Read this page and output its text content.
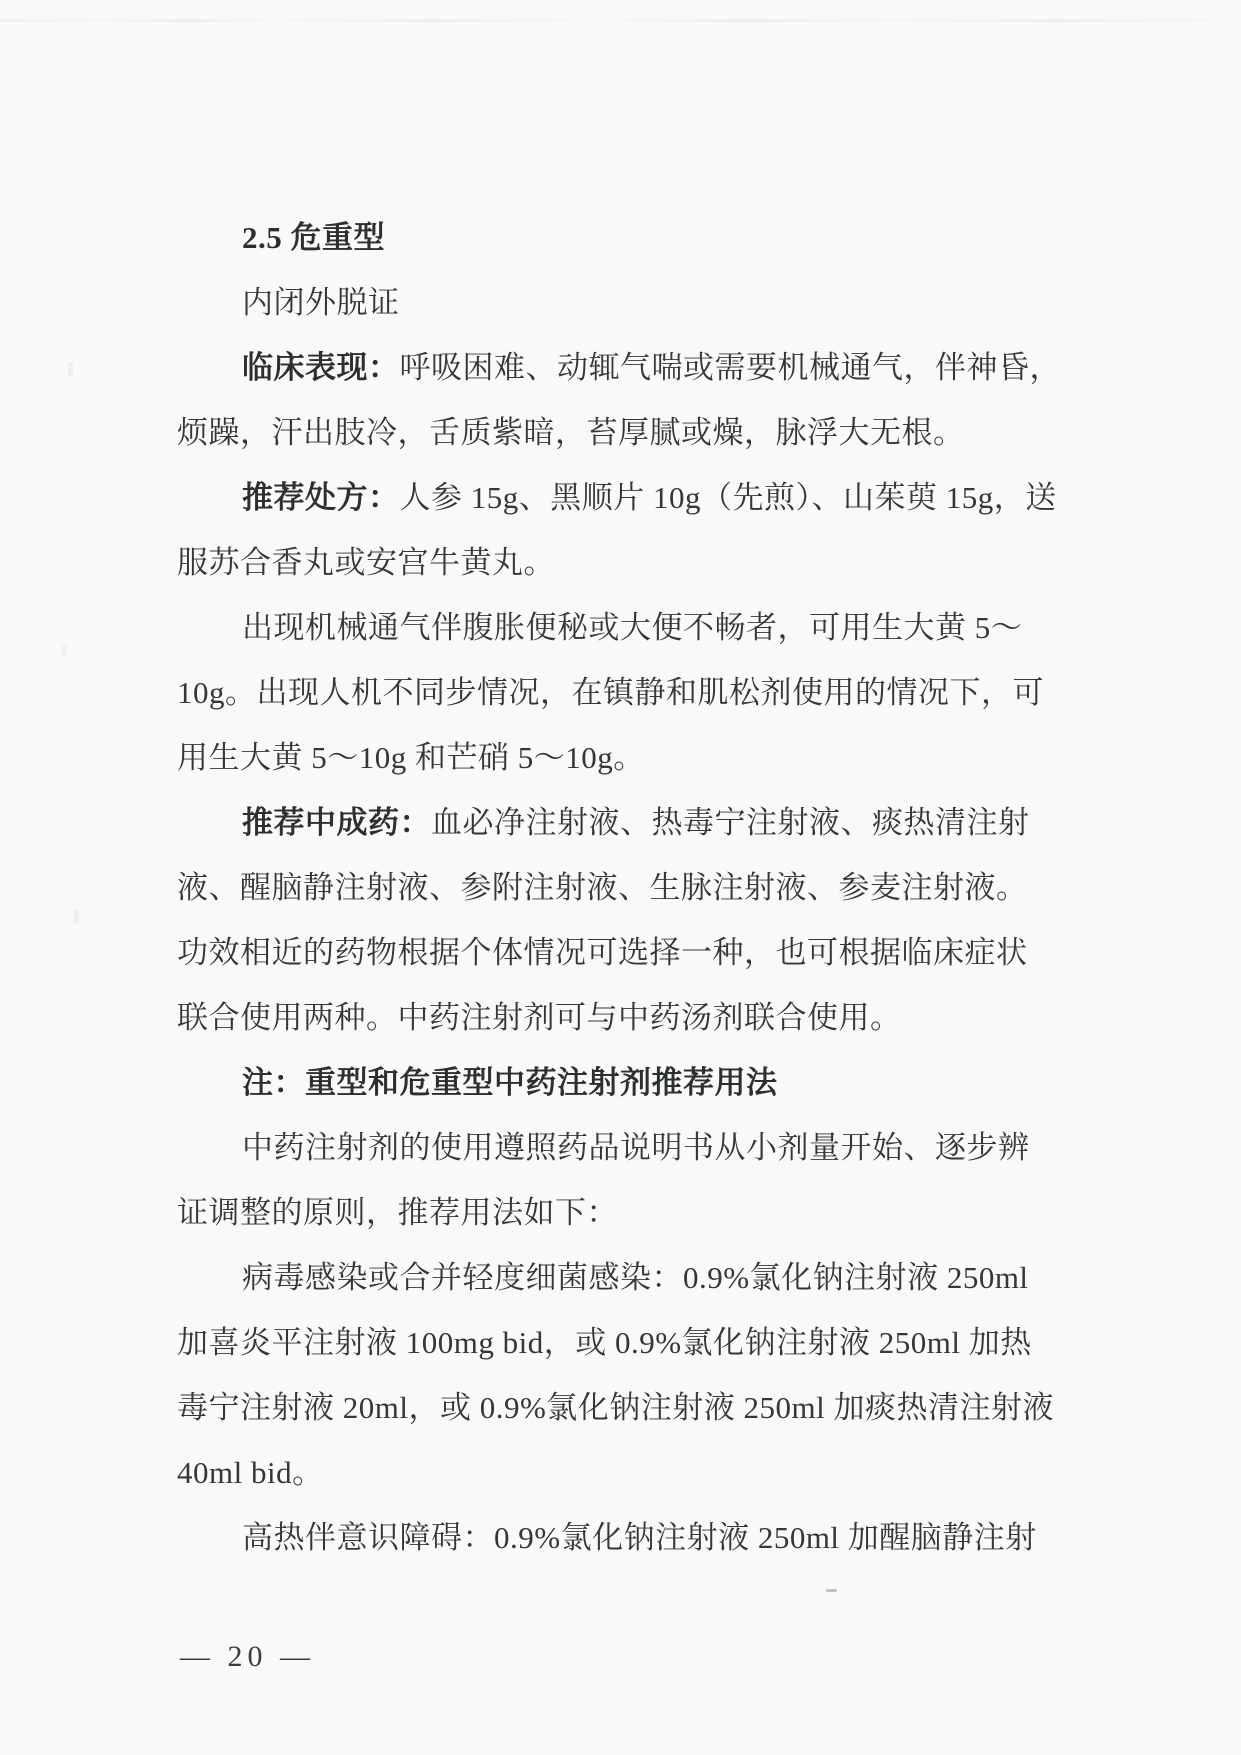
2.5 危重型
内闭外脱证
临床表现：呼吸困难、动辄气喘或需要机械通气，伴神昏，
烦躁，汗出肢冷，舌质紫暗，苔厚腻或燥，脉浮大无根。
推荐处方：人参 15g、黑顺片 10g（先煎）、山茱萸 15g，送
服苏合香丸或安宫牛黄丸。
出现机械通气伴腹胀便秘或大便不畅者，可用生大黄 5～
10g。出现人机不同步情况，在镇静和肌松剂使用的情况下，可
用生大黄 5～10g 和芒硝 5～10g。
推荐中成药：血必净注射液、热毒宁注射液、痰热清注射
液、醒脑静注射液、参附注射液、生脉注射液、参麦注射液。
功效相近的药物根据个体情况可选择一种，也可根据临床症状
联合使用两种。中药注射剂可与中药汤剂联合使用。
注：重型和危重型中药注射剂推荐用法
中药注射剂的使用遵照药品说明书从小剂量开始、逐步辨
证调整的原则，推荐用法如下：
病毒感染或合并轻度细菌感染：0.9%氯化钠注射液 250ml
加喜炎平注射液 100mg bid，或 0.9%氯化钠注射液 250ml 加热
毒宁注射液 20ml，或 0.9%氯化钠注射液 250ml 加痰热清注射液
40ml bid。
高热伴意识障碍：0.9%氯化钠注射液 250ml 加醒脑静注射
— 20 —
